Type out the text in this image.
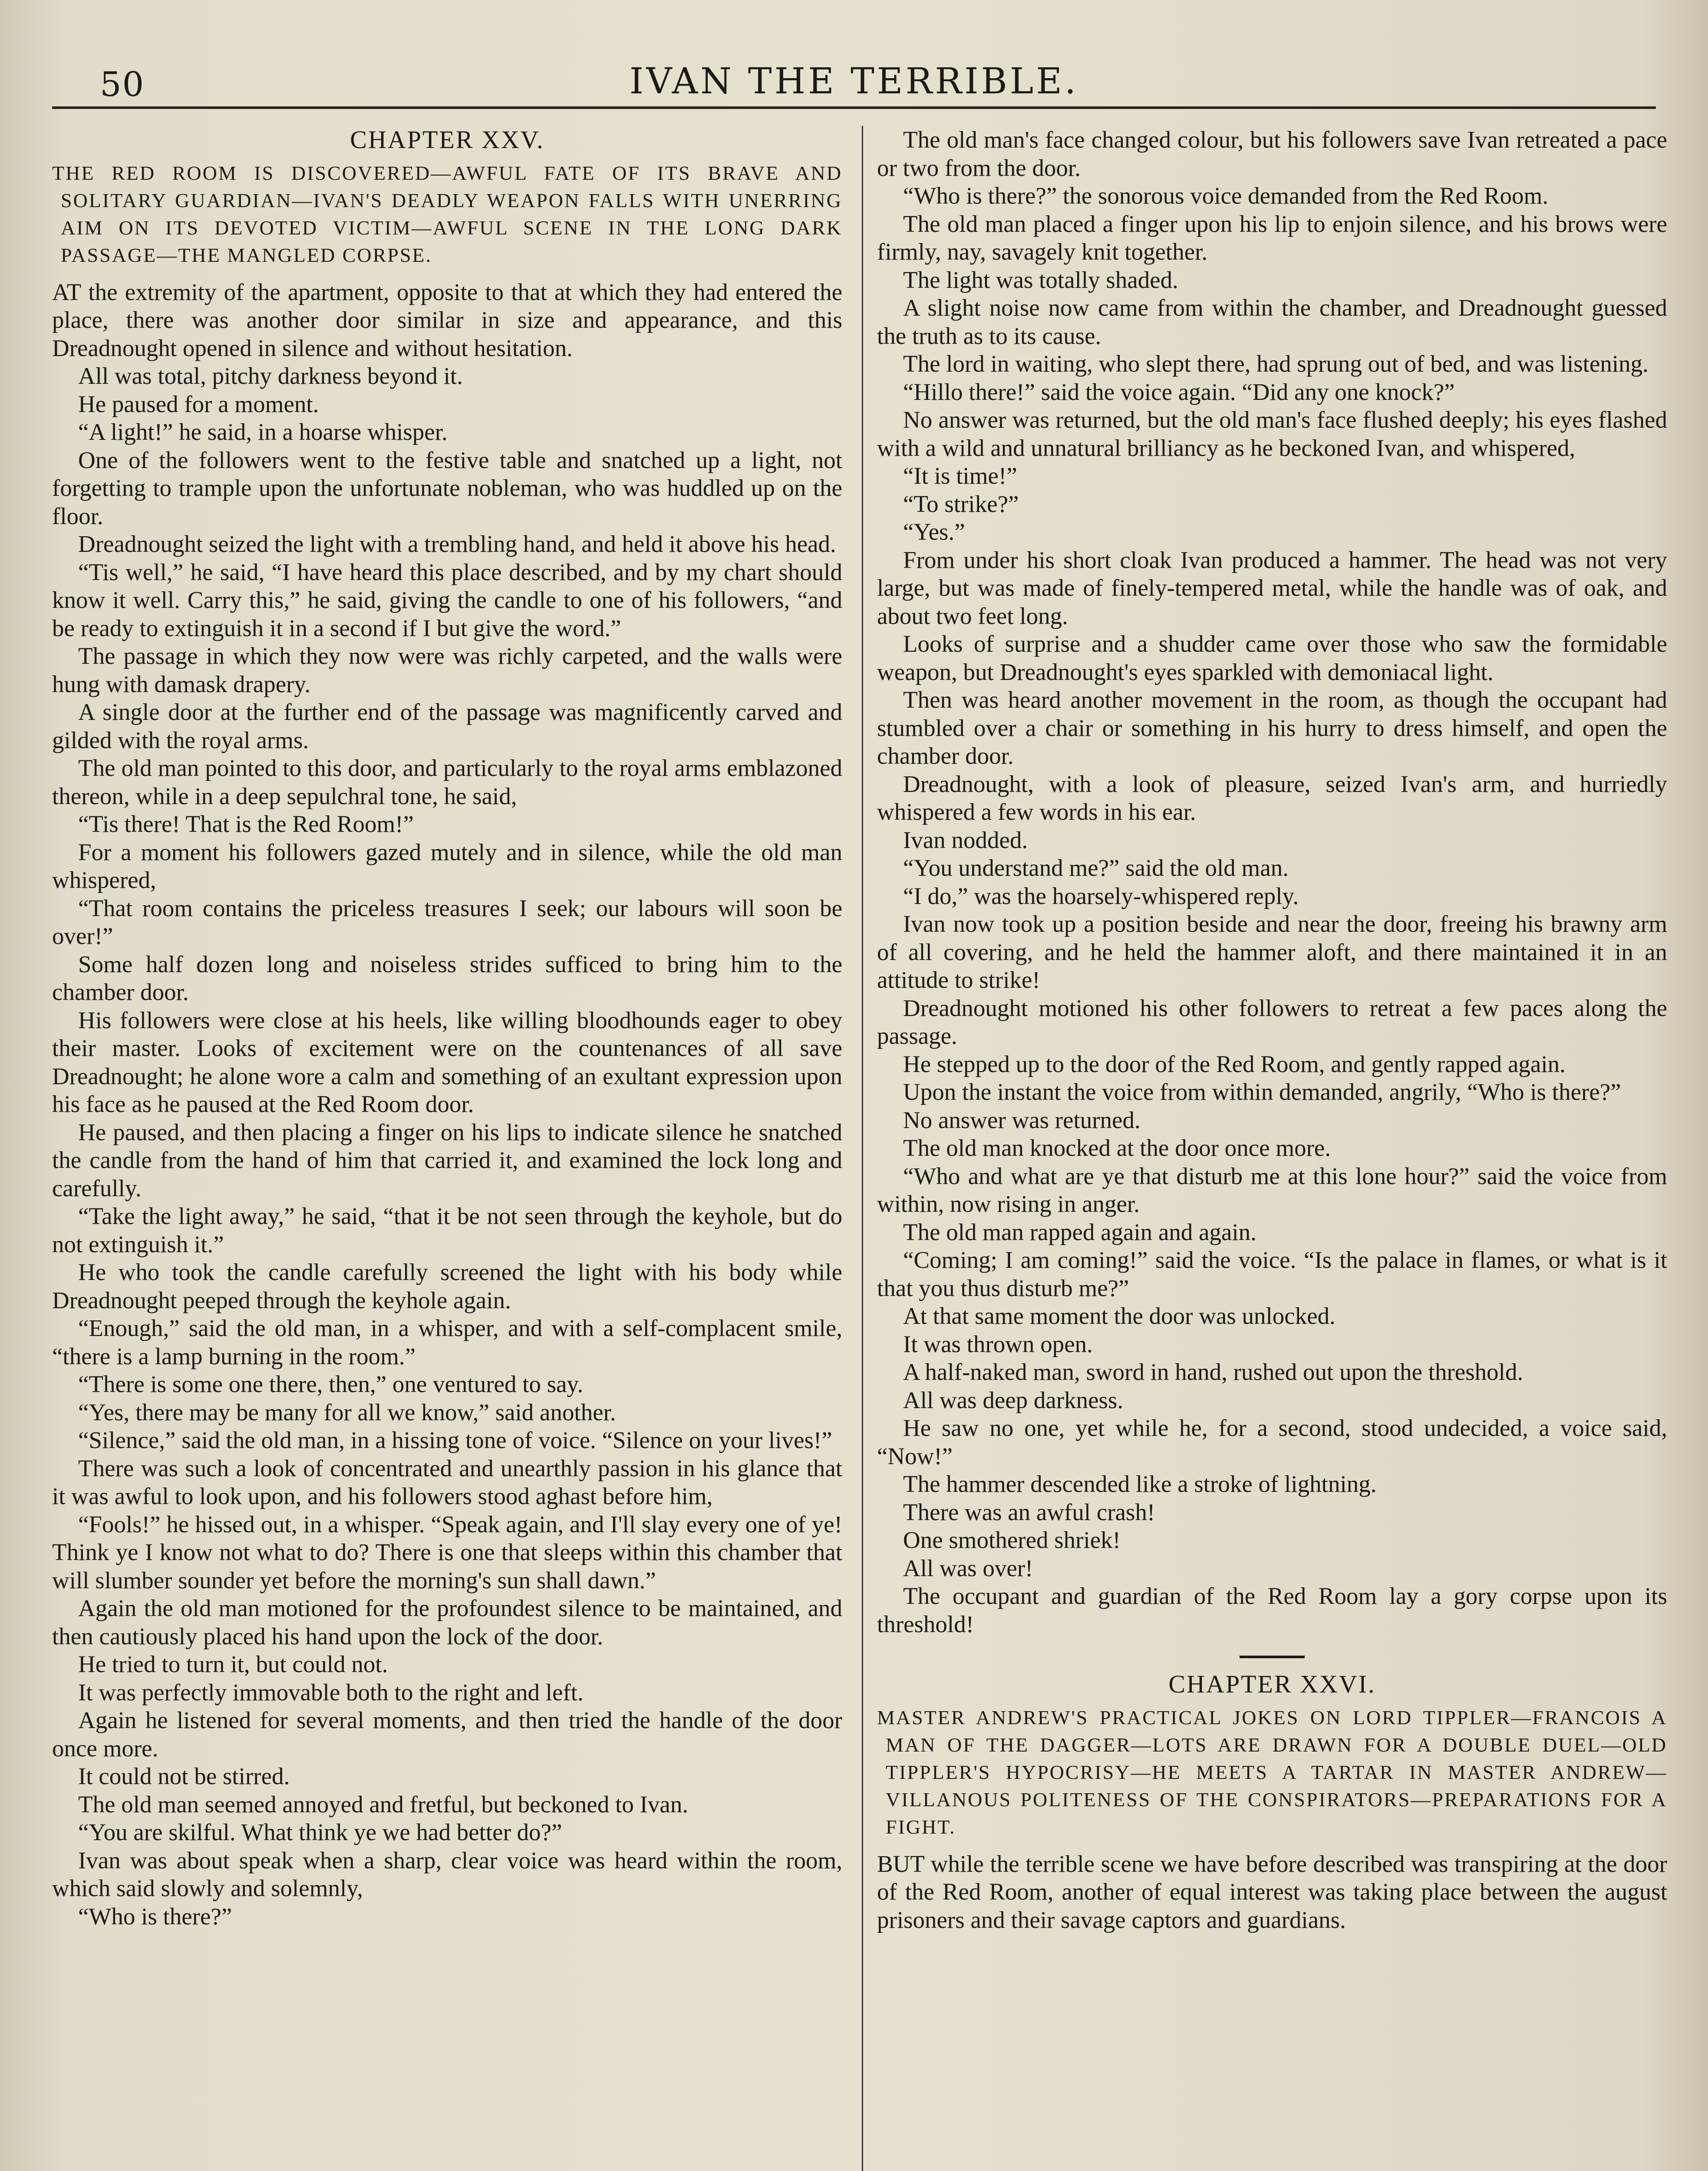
50	IVAN THE TERRIBLE.
CHAPTER XXV.
THE RED ROOM IS DISCOVERED—AWFUL FATE OF ITS BRAVE AND SOLITARY GUARDIAN—IVAN'S DEADLY WEAPON FALLS WITH UNERRING AIM ON ITS DEVOTED VICTIM—AWFUL SCENE IN THE LONG DARK PASSAGE—THE MANGLED CORPSE.

AT the extremity of the apartment, opposite to that at which they had entered the place, there was another door similar in size and appearance, and this Dreadnought opened in silence and without hesitation.

All was total, pitchy darkness beyond it.

He paused for a moment.

“A light!” he said, in a hoarse whisper.

One of the followers went to the festive table and snatched up a light, not forgetting to trample upon the unfortunate nobleman, who was huddled up on the floor.

Dreadnought seized the light with a trembling hand, and held it above his head.

“Tis well,” he said, “I have heard this place described, and by my chart should know it well. Carry this,” he said, giving the candle to one of his followers, “and be ready to extinguish it in a second if I but give the word.”

The passage in which they now were was richly carpeted, and the walls were hung with damask drapery.

A single door at the further end of the passage was magnificently carved and gilded with the royal arms.

The old man pointed to this door, and particularly to the royal arms emblazoned thereon, while in a deep sepulchral tone, he said,

“Tis there! That is the Red Room!”

For a moment his followers gazed mutely and in silence, while the old man whispered,

“That room contains the priceless treasures I seek; our labours will soon be over!”

Some half dozen long and noiseless strides sufficed to bring him to the chamber door.

His followers were close at his heels, like willing bloodhounds eager to obey their master. Looks of excitement were on the countenances of all save Dreadnought; he alone wore a calm and something of an exultant expression upon his face as he paused at the Red Room door.

He paused, and then placing a finger on his lips to indicate silence he snatched the candle from the hand of him that carried it, and examined the lock long and carefully.

“Take the light away,” he said, “that it be not seen through the keyhole, but do not extinguish it.”

He who took the candle carefully screened the light with his body while Dreadnought peeped through the keyhole again.

“Enough,” said the old man, in a whisper, and with a self-complacent smile, “there is a lamp burning in the room.”

“There is some one there, then,” one ventured to say.

“Yes, there may be many for all we know,” said another.

“Silence,” said the old man, in a hissing tone of voice. “Silence on your lives!”

There was such a look of concentrated and unearthly passion in his glance that it was awful to look upon, and his followers stood aghast before him,

“Fools!” he hissed out, in a whisper. “Speak again, and I'll slay every one of ye! Think ye I know not what to do? There is one that sleeps within this chamber that will slumber sounder yet before the morning's sun shall dawn.”

Again the old man motioned for the profoundest silence to be maintained, and then cautiously placed his hand upon the lock of the door.

He tried to turn it, but could not.

It was perfectly immovable both to the right and left.

Again he listened for several moments, and then tried the handle of the door once more.

It could not be stirred.

The old man seemed annoyed and fretful, but beckoned to Ivan.

“You are skilful. What think ye we had better do?”

Ivan was about speak when a sharp, clear voice was heard within the room, which said slowly and solemnly,

“Who is there?”

The old man's face changed colour, but his followers save Ivan retreated a pace or two from the door.

“Who is there?” the sonorous voice demanded from the Red Room.

The old man placed a finger upon his lip to enjoin silence, and his brows were firmly, nay, savagely knit together.

The light was totally shaded.

A slight noise now came from within the chamber, and Dreadnought guessed the truth as to its cause.

The lord in waiting, who slept there, had sprung out of bed, and was listening.

“Hillo there!” said the voice again. “Did any one knock?”

No answer was returned, but the old man's face flushed deeply; his eyes flashed with a wild and unnatural brilliancy as he beckoned Ivan, and whispered,

“It is time!”

“To strike?”

“Yes.”

From under his short cloak Ivan produced a hammer. The head was not very large, but was made of finely-tempered metal, while the handle was of oak, and about two feet long.

Looks of surprise and a shudder came over those who saw the formidable weapon, but Dreadnought's eyes sparkled with demoniacal light.

Then was heard another movement in the room, as though the occupant had stumbled over a chair or something in his hurry to dress himself, and open the chamber door.

Dreadnought, with a look of pleasure, seized Ivan's arm, and hurriedly whispered a few words in his ear.

Ivan nodded.

“You understand me?” said the old man.

“I do,” was the hoarsely-whispered reply.

Ivan now took up a position beside and near the door, freeing his brawny arm of all covering, and he held the hammer aloft, and there maintained it in an attitude to strike!

Dreadnought motioned his other followers to retreat a few paces along the passage.

He stepped up to the door of the Red Room, and gently rapped again.

Upon the instant the voice from within demanded, angrily, “Who is there?”

No answer was returned.

The old man knocked at the door once more.

“Who and what are ye that disturb me at this lone hour?” said the voice from within, now rising in anger.

The old man rapped again and again.

“Coming; I am coming!” said the voice. “Is the palace in flames, or what is it that you thus disturb me?”

At that same moment the door was unlocked.

It was thrown open.

A half-naked man, sword in hand, rushed out upon the threshold.

All was deep darkness.

He saw no one, yet while he, for a second, stood undecided, a voice said, “Now!”

The hammer descended like a stroke of lightning.

There was an awful crash!

One smothered shriek!

All was over!

The occupant and guardian of the Red Room lay a gory corpse upon its threshold!

CHAPTER XXVI.
MASTER ANDREW'S PRACTICAL JOKES ON LORD TIPPLER—FRANCOIS A MAN OF THE DAGGER—LOTS ARE DRAWN FOR A DOUBLE DUEL—OLD TIPPLER'S HYPOCRISY—HE MEETS A TARTAR IN MASTER ANDREW—VILLANOUS POLITENESS OF THE CONSPIRATORS—PREPARATIONS FOR A FIGHT.

BUT while the terrible scene we have before described was transpiring at the door of the Red Room, another of equal interest was taking place between the august prisoners and their savage captors and guardians.
